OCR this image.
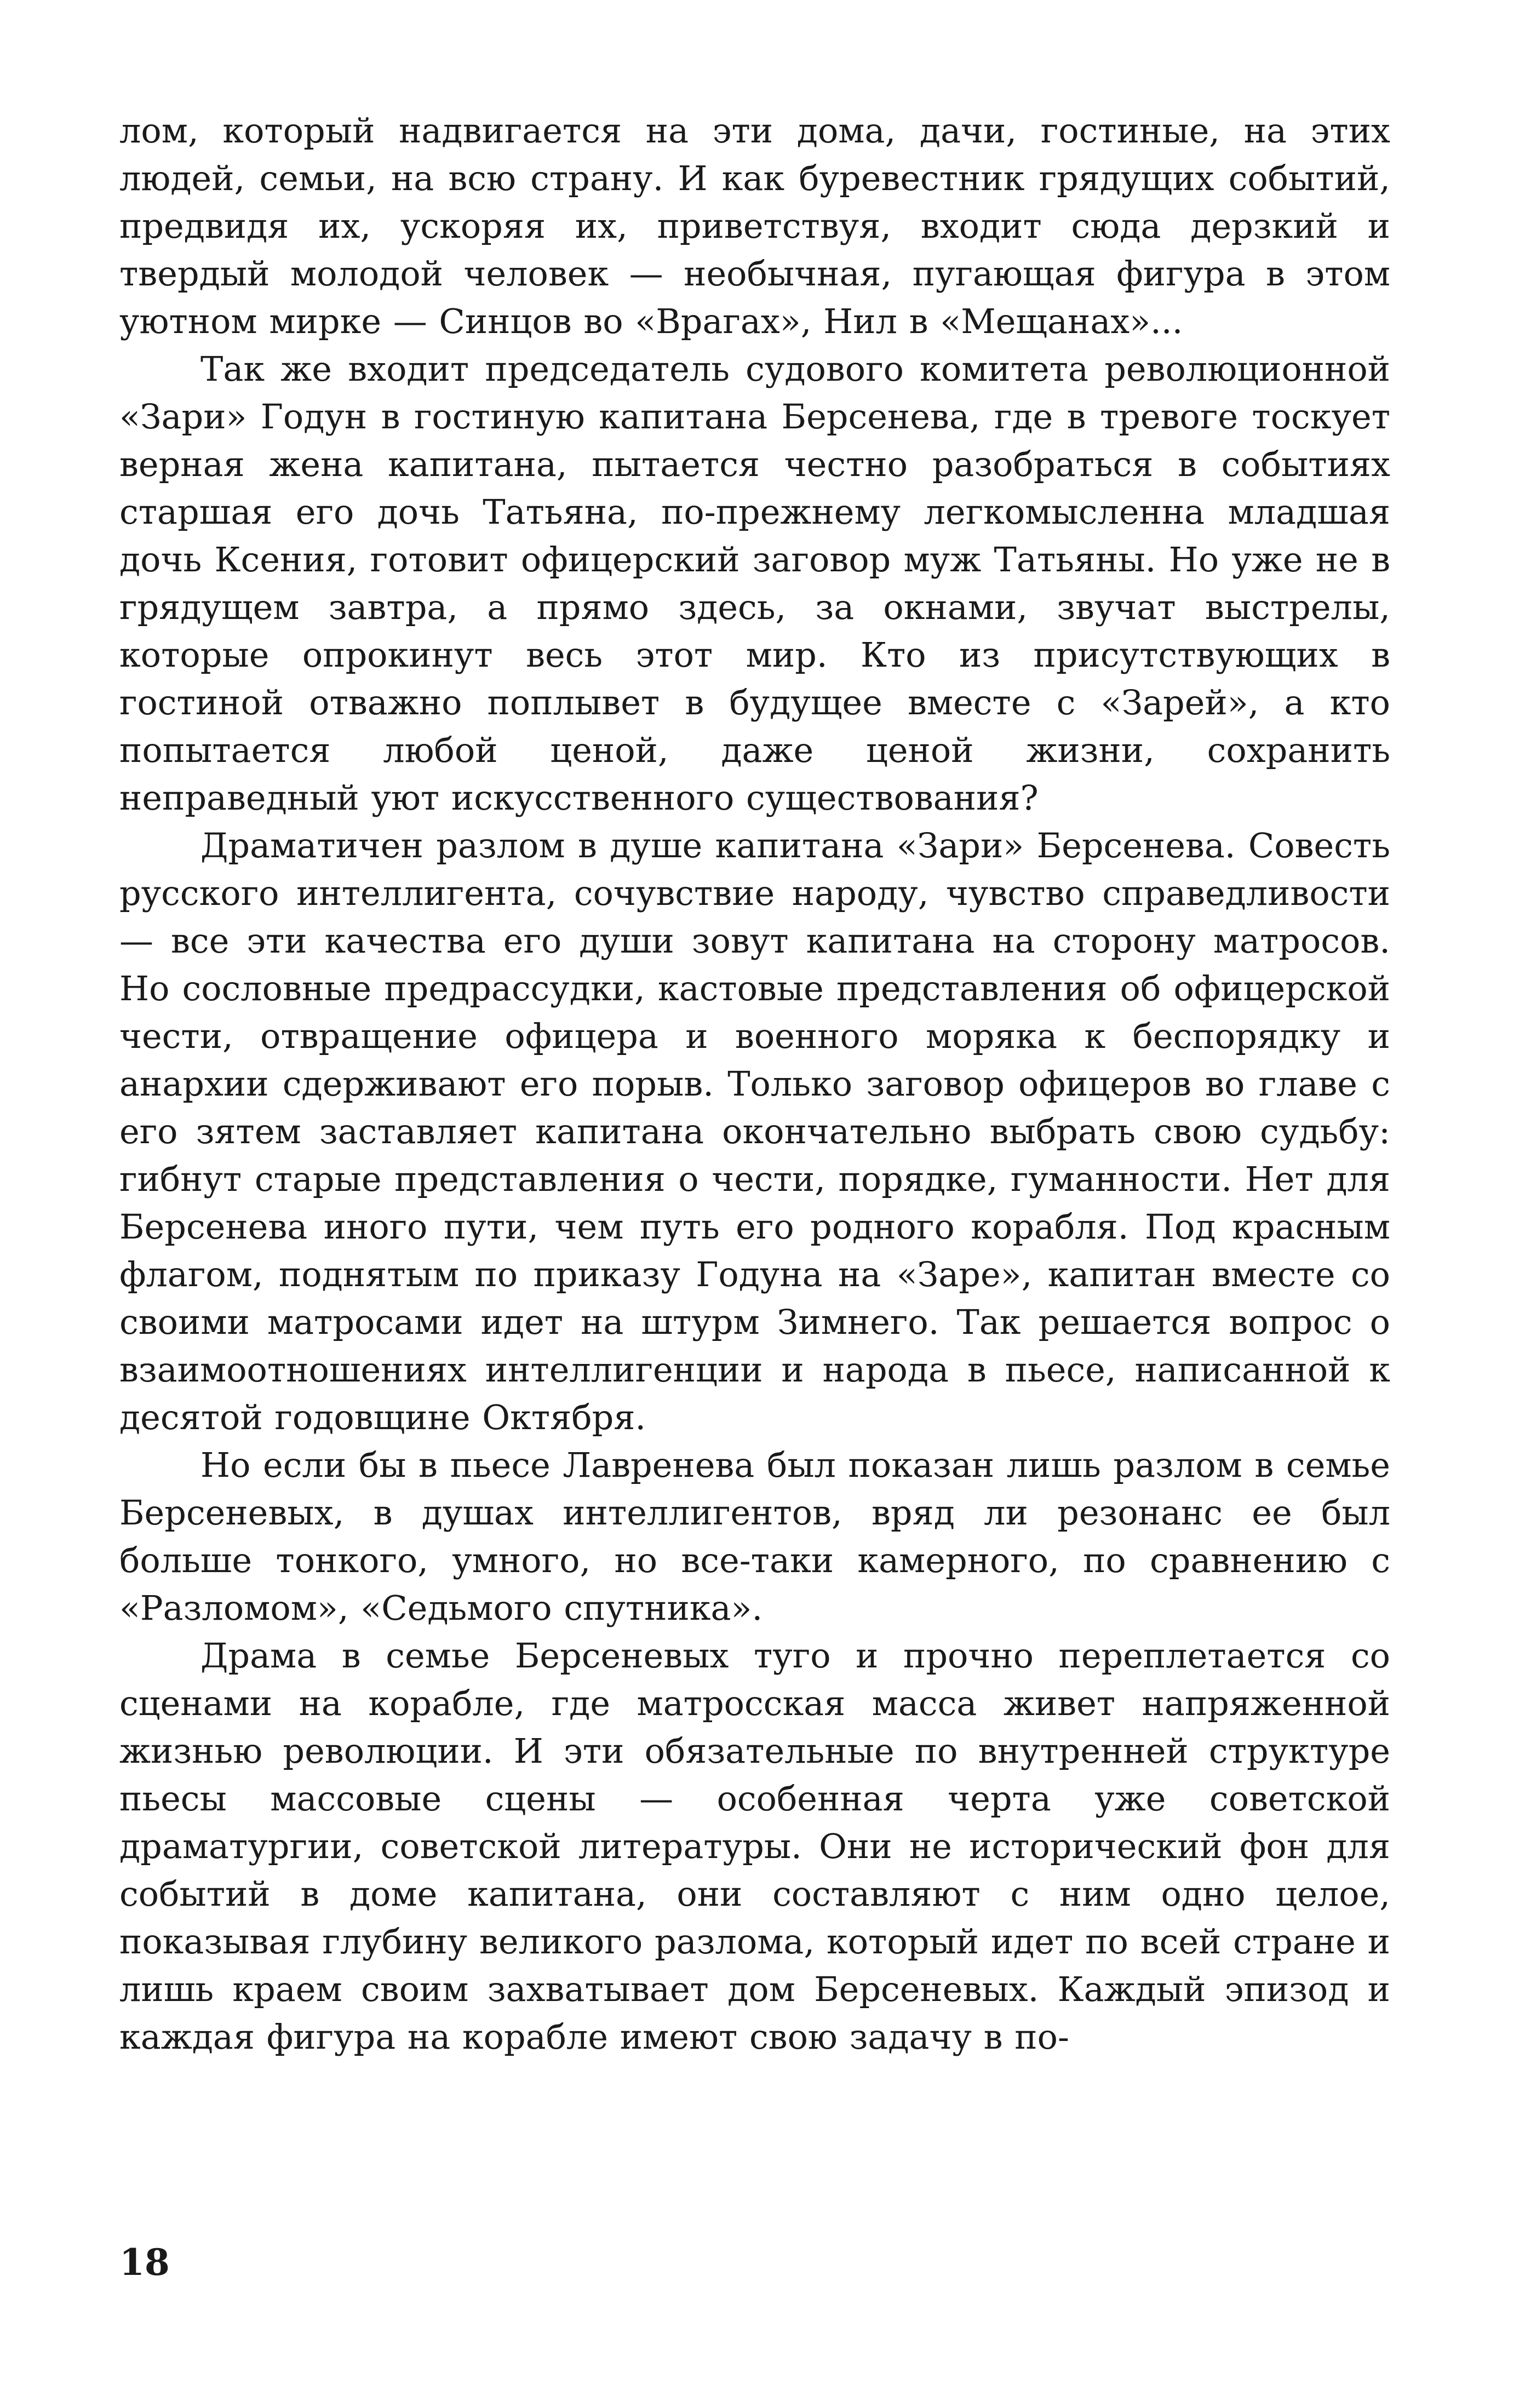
лом, который надвигается на эти дома, дачи, гостиные, на этих людей, семьи, на всю страну. И как буревестник грядущих событий, предвидя их, ускоряя их, приветствуя, входит сюда дерзкий и твердый молодой человек — необычная, пугающая фигура в этом уютном мирке — Синцов во «Врагах», Нил в «Мещанах»...

Так же входит председатель судового комитета революционной «Зари» Годун в гостиную капитана Берсенева, где в тревоге тоскует верная жена капитана, пытается честно разобраться в событиях старшая его дочь Татьяна, по-прежнему легкомысленна младшая дочь Ксения, готовит офицерский заговор муж Татьяны. Но уже не в грядущем завтра, а прямо здесь, за окнами, звучат выстрелы, которые опрокинут весь этот мир. Кто из присутствующих в гостиной отважно поплывет в будущее вместе с «Зарей», а кто попытается любой ценой, даже ценой жизни, сохранить неправедный уют искусственного существования?

Драматичен разлом в душе капитана «Зари» Берсенева. Совесть русского интеллигента, сочувствие народу, чувство справедливости — все эти качества его души зовут капитана на сторону матросов. Но сословные предрассудки, кастовые представления об офицерской чести, отвращение офицера и военного моряка к беспорядку и анархии сдерживают его порыв. Только заговор офицеров во главе с его зятем заставляет капитана окончательно выбрать свою судьбу: гибнут старые представления о чести, порядке, гуманности. Нет для Берсенева иного пути, чем путь его родного корабля. Под красным флагом, поднятым по приказу Годуна на «Заре», капитан вместе со своими матросами идет на штурм Зимнего. Так решается вопрос о взаимоотношениях интеллигенции и народа в пьесе, написанной к десятой годовщине Октября.

Но если бы в пьесе Лавренева был показан лишь разлом в семье Берсеневых, в душах интеллигентов, вряд ли резонанс ее был больше тонкого, умного, но все-таки камерного, по сравнению с «Разломом», «Седьмого спутника».

Драма в семье Берсеневых туго и прочно переплетается со сценами на корабле, где матросская масса живет напряженной жизнью революции. И эти обязательные по внутренней структуре пьесы массовые сцены — особенная черта уже советской драматургии, советской литературы. Они не исторический фон для событий в доме капитана, они составляют с ним одно целое, показывая глубину великого разлома, который идет по всей стране и лишь краем своим захватывает дом Берсеневых. Каждый эпизод и каждая фигура на корабле имеют свою задачу в по-

18
